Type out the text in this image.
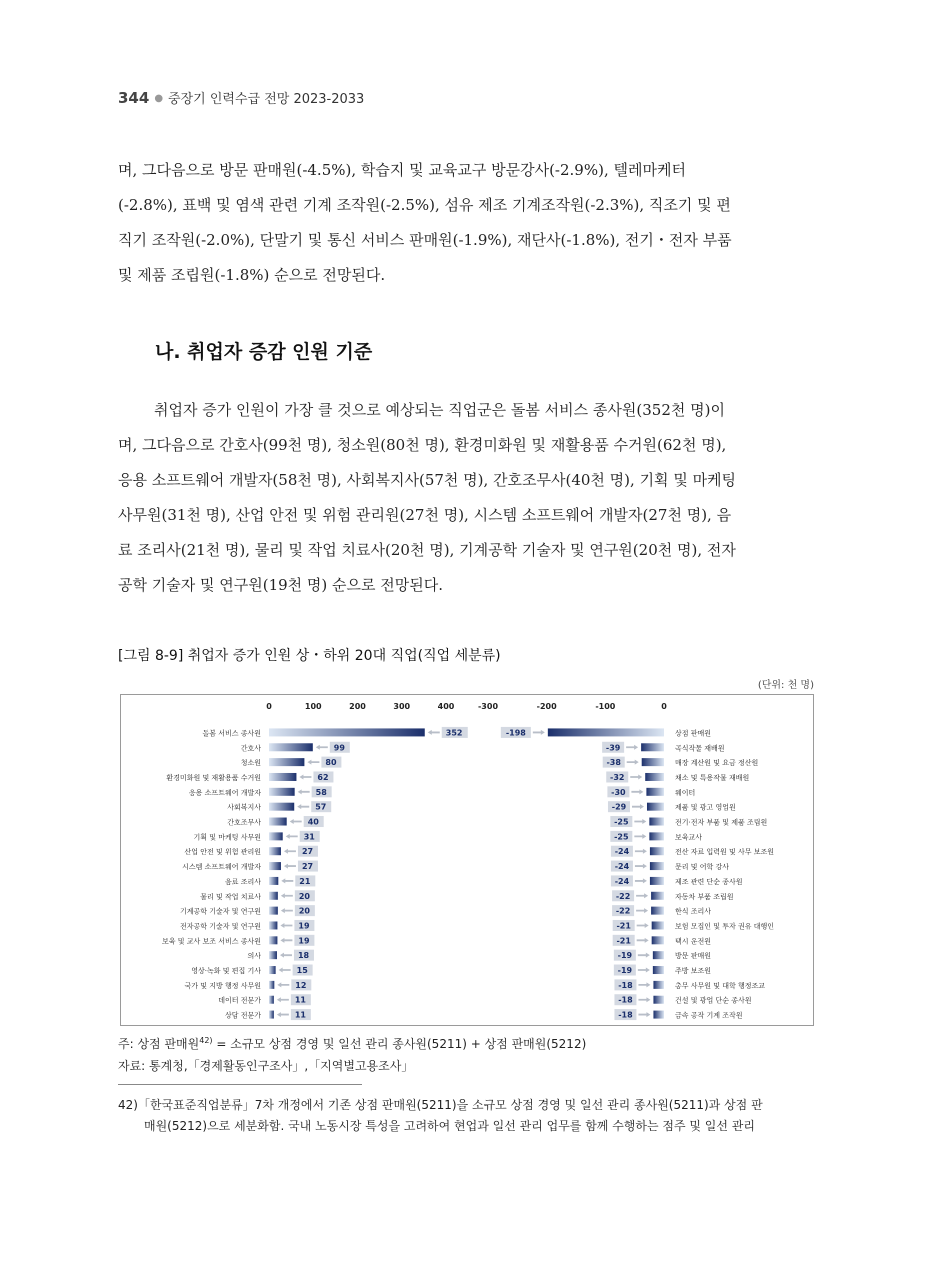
344 ● 중장기 인력수급 전망 2023-2033
며, 그다음으로 방문 판매원(-4.5%), 학습지 및 교육교구 방문강사(-2.9%), 텔레마케터
(-2.8%), 표백 및 염색 관련 기계 조작원(-2.5%), 섬유 제조 기계조작원(-2.3%), 직조기 및 편
직기 조작원(-2.0%), 단말기 및 통신 서비스 판매원(-1.9%), 재단사(-1.8%), 전기・전자 부품
및 제품 조립원(-1.8%) 순으로 전망된다.
나. 취업자 증감 인원 기준
취업자 증가 인원이 가장 클 것으로 예상되는 직업군은 돌봄 서비스 종사원(352천 명)이
며, 그다음으로 간호사(99천 명), 청소원(80천 명), 환경미화원 및 재활용품 수거원(62천 명),
응용 소프트웨어 개발자(58천 명), 사회복지사(57천 명), 간호조무사(40천 명), 기획 및 마케팅
사무원(31천 명), 산업 안전 및 위험 관리원(27천 명), 시스템 소프트웨어 개발자(27천 명), 음
료 조리사(21천 명), 물리 및 작업 치료사(20천 명), 기계공학 기술자 및 연구원(20천 명), 전자
공학 기술자 및 연구원(19천 명) 순으로 전망된다.
[그림 8-9] 취업자 증가 인원 상・하위 20대 직업(직업 세분류)
(단위: 천 명)
0	100	200	300	400
돌봄 서비스 종사원	352
간호사	99
청소원	80
환경미화원 및 재활용품 수거원	62
응용 소프트웨어 개발자	58
사회복지사	57
간호조무사	40
기획 및 마케팅 사무원	31
산업 안전 및 위험 관리원	27
시스템 소프트웨어 개발자	27
음료 조리사	21
물리 및 작업 치료사	20
기계공학 기술자 및 연구원	20
전자공학 기술자 및 연구원	19
보육 및 교사 보조 서비스 종사원	19
의사	18
영상·녹화 및 편집 기사	15
국가 및 지방 행정 사무원	12
데이터 전문가	11
상담 전문가	11
-300	-200	-100	0
-198	상점 판매원
-39	곡식작물 재배원
-38	매장 계산원 및 요금 정산원
-32	채소 및 특용작물 재배원
-30	웨이터
-29	제품 및 광고 영업원
-25	전기·전자 부품 및 제품 조립원
-25	보육교사
-24	전산 자료 입력원 및 사무 보조원
-24	문리 및 어학 강사
-24	제조 관련 단순 종사원
-22	자동차 부품 조립원
-22	한식 조리사
-21	보험 모집인 및 투자 권유 대행인
-21	택시 운전원
-19	방문 판매원
-19	주방 보조원
-18	총무 사무원 및 대학 행정조교
-18	건설 및 광업 단순 종사원
-18	금속 공작 기계 조작원
주: 상점 판매원$^{42)}$ = 소규모 상점 경영 및 일선 관리 종사원(5211) + 상점 판매원(5212)
자료: 통계청,「경제활동인구조사」,「지역별고용조사」
42)「한국표준직업분류」7차 개정에서 기존 상점 판매원(5211)을 소규모 상점 경영 및 일선 관리 종사원(5211)과 상점 판
매원(5212)으로 세분화함. 국내 노동시장 특성을 고려하여 현업과 일선 관리 업무를 함께 수행하는 점주 및 일선 관리
